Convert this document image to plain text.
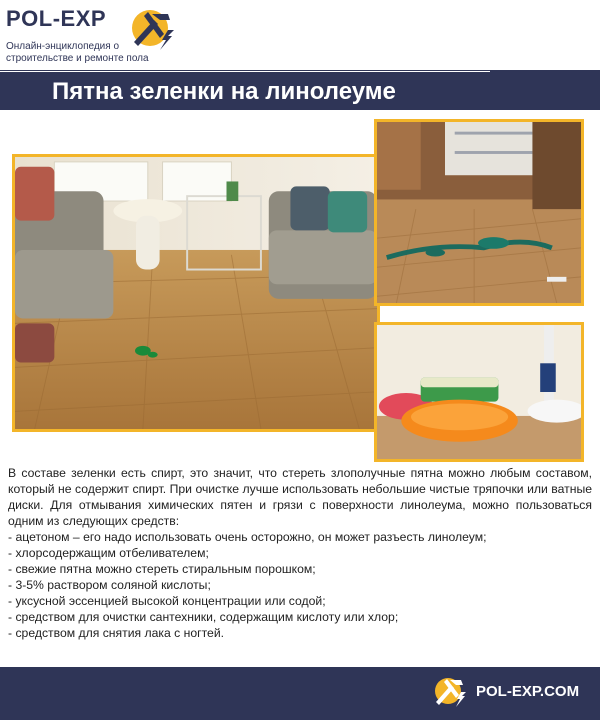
POL-EXP
Онлайн-энциклопедия о строительстве и ремонте пола
Пятна зеленки на линолеуме
В составе зеленки есть спирт, это значит, что стереть злополучные пятна можно любым составом, который не содержит спирт. При очистке лучше использовать небольшие чистые тряпочки или ватные диски. Для отмывания химических пятен и грязи с поверхности линолеума, можно пользоваться одним из следующих средств:
- ацетоном – его надо использовать очень осторожно, он может разъесть линолеум;
- хлорсодержащим отбеливателем;
- свежие пятна можно стереть стиральным порошком;
- 3-5% раствором соляной кислоты;
- уксусной эссенцией высокой концентрации или содой;
- средством для очистки сантехники, содержащим кислоту или хлор;
- средством для снятия лака с ногтей.
POL-EXP.COM
